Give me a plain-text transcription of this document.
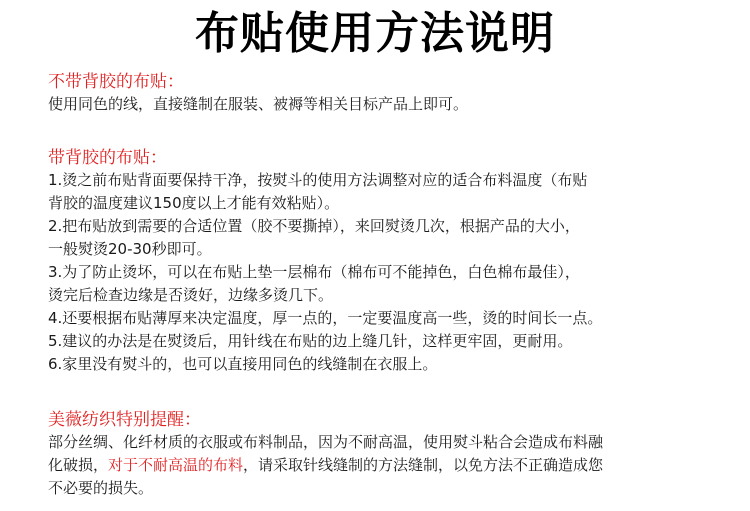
布贴使用方法说明

不带背胶的布贴：

使用同色的线，直接缝制在服装、被褥等相关目标产品上即可。

带背胶的布贴：

1.烫之前布贴背面要保持干净，按熨斗的使用方法调整对应的适合布料温度（布贴

背胶的温度建议150度以上才能有效粘贴）。

2.把布贴放到需要的合适位置（胶不要撕掉），来回熨烫几次，根据产品的大小，

一般熨烫20-30秒即可。

3.为了防止烫坏，可以在布贴上垫一层棉布（棉布可不能掉色，白色棉布最佳），

烫完后检查边缘是否烫好，边缘多烫几下。

4.还要根据布贴薄厚来决定温度，厚一点的，一定要温度高一些，烫的时间长一点。

5.建议的办法是在熨烫后，用针线在布贴的边上缝几针，这样更牢固，更耐用。

6.家里没有熨斗的，也可以直接用同色的线缝制在衣服上。

美薇纺织特别提醒：

部分丝绸、化纤材质的衣服或布料制品，因为不耐高温，使用熨斗粘合会造成布料融

化破损，对于不耐高温的布料，请采取针线缝制的方法缝制，以免方法不正确造成您

不必要的损失。
